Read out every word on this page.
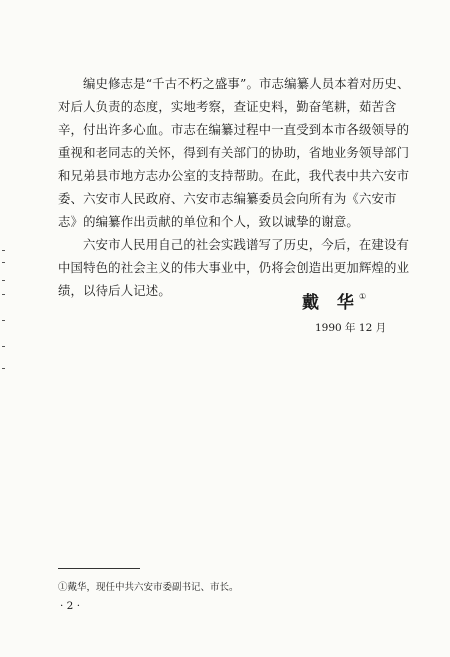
编史修志是“千古不朽之盛事”。市志编纂人员本着对历史、
对后人负责的态度，实地考察，查证史料，勤奋笔耕，茹苦含
辛，付出许多心血。市志在编纂过程中一直受到本市各级领导的
重视和老同志的关怀，得到有关部门的协助，省地业务领导部门
和兄弟县市地方志办公室的支持帮助。在此，我代表中共六安市
委、六安市人民政府、六安市志编纂委员会向所有为《六安市
志》的编纂作出贡献的单位和个人，致以诚挚的谢意。

六安市人民用自己的社会实践谱写了历史，今后，在建设有
中国特色的社会主义的伟大事业中，仍将会创造出更加辉煌的业
绩，以待后人记述。

戴 华 ①
1990 年 12 月
①戴华，现任中共六安市委副书记、市长。
· 2 ·
